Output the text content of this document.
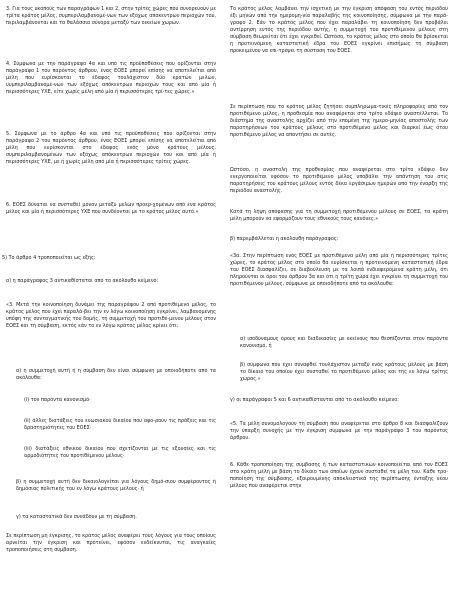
3. Για τους υκοπούς των παραγράφων 1 και 2, στην τρίτες χώρες που συνορεύουν με τρίτα κράτος μέλος, συμπεριλαμβανομέ-νων των εξόχως απόκεντρων περιοχών του, περιλαμβάνονται και τα θαλάσσια σύνορα μεταξύ των οικείων χωρών.

4. Σύμφωνα με την παράγραφο 4α και υπό τις προϋποθέσεις που ορίζονται στην παράγραφο 1 του παρόντος άρθρου, ένας ΕΟΕΣ μπορεί επίσης να αποτελείται από μέλη που ευρίσκονται το έδαφος τουλάχιστον δύο κρατών μελών, υυμπεριλαμβανομέ-νων των εξόχως απόκεντρων περιοχών τους και από μία ή περισσότερες ΥΧΕ, είτε χωρίς μέλη από μία ή περισσότερες τρί-τες χώρες.»

5. Σύμφωνα με το άρθρο 4α και υπό τις προϋποθέσεις που ορίζονται στην παράγραφο 2 του παρόντος άρθρου, ένας ΕΟΕΣ μπορεί επίσης να αποτελείται από μέλη που ευρίσκονται στο έδαφος ενός μόνο κράτους μέλους, συμπεριλαμβανομένων των εξόχως απόκεντρων περιοχών του και από μία ή περισσότερες ΥΧΕ, με ή χωρίς μέλη από μία ή περισσότερες τρίτες χώρες.

6. ΕΟΕΣ δύναται να συσταθεί μόνον μεταξύ μελών προερ-χομένων από ένα κράτος μέλος και μία ή περισσότερες ΥΧΕ που συνδέονται με το κράτος μέλος αυτό.»

5) Το άρθρο 4 τροποποιείται ως εξής:

α) η παράγραφος 3 αντικαθίσταται από το ακόλουθο κείμενο:

«3. Μετά την κοινοποίηση δυνάμει της παραγράφου 2 από προτιθέμενο μέλος, το κράτος μέλος που έχει παραλά-βει την εν λόγω κοινοποίηση εγκρίνει, λαμβανομένης υπόψη της συνταγματικής του δομής, τη συμμετοχή του προτιθέ-μενου μέλους στον ΕΟΕΣ και τη σύμβαση, εκτός εάν το εν λόγω κράτος μέλος κρίνει ότι:

α) η συμμετοχή αυτή ή η σύμβαση δεν είναι σύμφωνη με οποιοδήποτε από τα ακόλουθα:

(i) τον παρόντα κανονισμό·

(ii) άλλες διατάξεις του ενωσιακού δικαίου που αφο-ρούν τις πράξεις και τις δραστηριότητες του ΕΟΕΣ·

(iii) διατάξεις εθνικού δικαίου που σχετίζονται με τις εξουσίες και τις αρμοδιότητες του προτιθέμενου μέλους·

β) η συμμετοχή αυτή δεν δικαιολογείται για λόγους δημό-σιου συμφέροντος ή δημόσιας πολιτικής του εν λόγω κράτους μέλους· ή

γ) τα καταστατικά δεν συνάδουν με τη σύμβαση.

Σε περίπτωση μη έγκρισης, το κράτος μέλος αναφέρει τους λόγους για τους οποίους αρνείται την έγκριση και προτείνει, εφόσον ενδείκνυται, τις αναγκαίες τροποποιήσεις στη σύμβαση.

Το κράτος μέλος λαμβάνει την ισχετική με την έγκριση απόφαση του εντός περιόδου έξι μηνών από την ημερομη-νία παραλαβής της κοινοποίησης, σύμφωνα με την παρά-γραφο 2. Εάν το κράτος μέλος που έχει παραλάβει τη κοινοποίηση δεν προβάλει αντίρρηση εντός της περιόδου αυτής, η συμμετοχή του προτιθέμενου μέλους στη σύμβαση θεωρείται ότι έχει εγκριθεί. Ωστόσο, το κράτος μέλος στο οποίο θα βρίσκεται η προτεινόμενη καταστατική έδρα του ΕΟΕΣ εγκρίνει επισήμως τη σύμβαση προκειμένου να επι-τρέψει τη σύσταση του ΕΟΕΣ.

Σε περίπτωση που το κράτος μέλος ζητήσει συμπληρωμα-τικές πληροφορίες από τον προτιθέμενο μέλος, η προθεσμία που αναφέρεται στο τρίτο εδάφιο αναστέλλεται. Το διάστημα της αναστολής αρχίζει από την επομένη της ημερο-μηνίας αποστολής των παρατηρήσεων του κράτους μέλους στο προτιθέμενο μέλος και διαρκεί έως ότου προτιθέμενο μέλος να απαντήσει σε αυτές.

Ωστόσο, η αναστολή της προθεσμίας που αναφέρεται στο τρίτο εδάφιο δεν ενεργοποιείται εφόσον το προτιθέμενο μέλος υποβάλει την απάντηση του στις παρατηρήσεις του κράτους μέλους εντός δέκα εργάσιμων ημερών από την έναρξη της περιόδου αναστολής.

Κατά τη λήψη απόφασης για τη συμμετοχή προτιθέμενου μέλους σε ΕΟΕΣ, τα κράτη μέλη μπορούν να εφαρμόζουν τους εθνικούς τους κανόνες.»

β) παρεμβάλλεται η ακόλουθη παράγραφος:

«3α. Στην περίπτωση ενός ΕΟΕΣ με προτιθέμενα μέλη από μία ή περισσότερες τρίτες χώρες, το κράτος μέλος στο οποίο θα ευρίσκεται η προτεινόμενη καταστατική έδρα του ΕΟΕΣ διασφαλίζει, σε διαβούλευση με τα λοιπά ενδιαφερόμενα κράτη μέλη, ότι πληρούνται οι όροι του άρθρου 3α και ότι η τρίτη χώρα έχει εγκρίνει τη συμμετοχή του προτιθέμενου μέλους, σύμφωνα με οποιοδήποτε από τα ακόλουθα:

α) ισοδύναμους όρους και διαδικασίες με εκείνους που θεσπίζονται στον παρόντα κανονισμό, ή

β) σύμφωνα που έχει συναφθεί τουλάχιστον μεταξύ ενός κράτους μέλους με βάση το δίκαιο του οποίου έχει συσταθεί το προτιθέμενο μέλος και της εν λόγω τρίτης χώρας.»

γ) οι παράγραφοι 5 και 6 αντικαθίστανται από το ακόλουθο κείμενο:

«5. Τα μέλη συνομολογούν τη σύμβαση που αναφέρεται στο άρθρο 8 και διασφαλίζουν την ύπαρξη συνοχής με την έγκριση σύμφωνα με την παράγραφο 3 του παρόντος άρθρου.

6. Κάθε τροποποίηση της σύμβασης ή των καταστατικών κοινοποιείται από τον ΕΟΕΣ στα κράτη μέλη με βάση το δίκαιο των οποίων έχουν συσταθεί τα μέλη του. Κάθε τρο-ποποίηση της σύμβασης, εξαιρουμένης αποκλειστικά της περίπτωσης ένταξης νέου μέλους που αναφέρεται στην
